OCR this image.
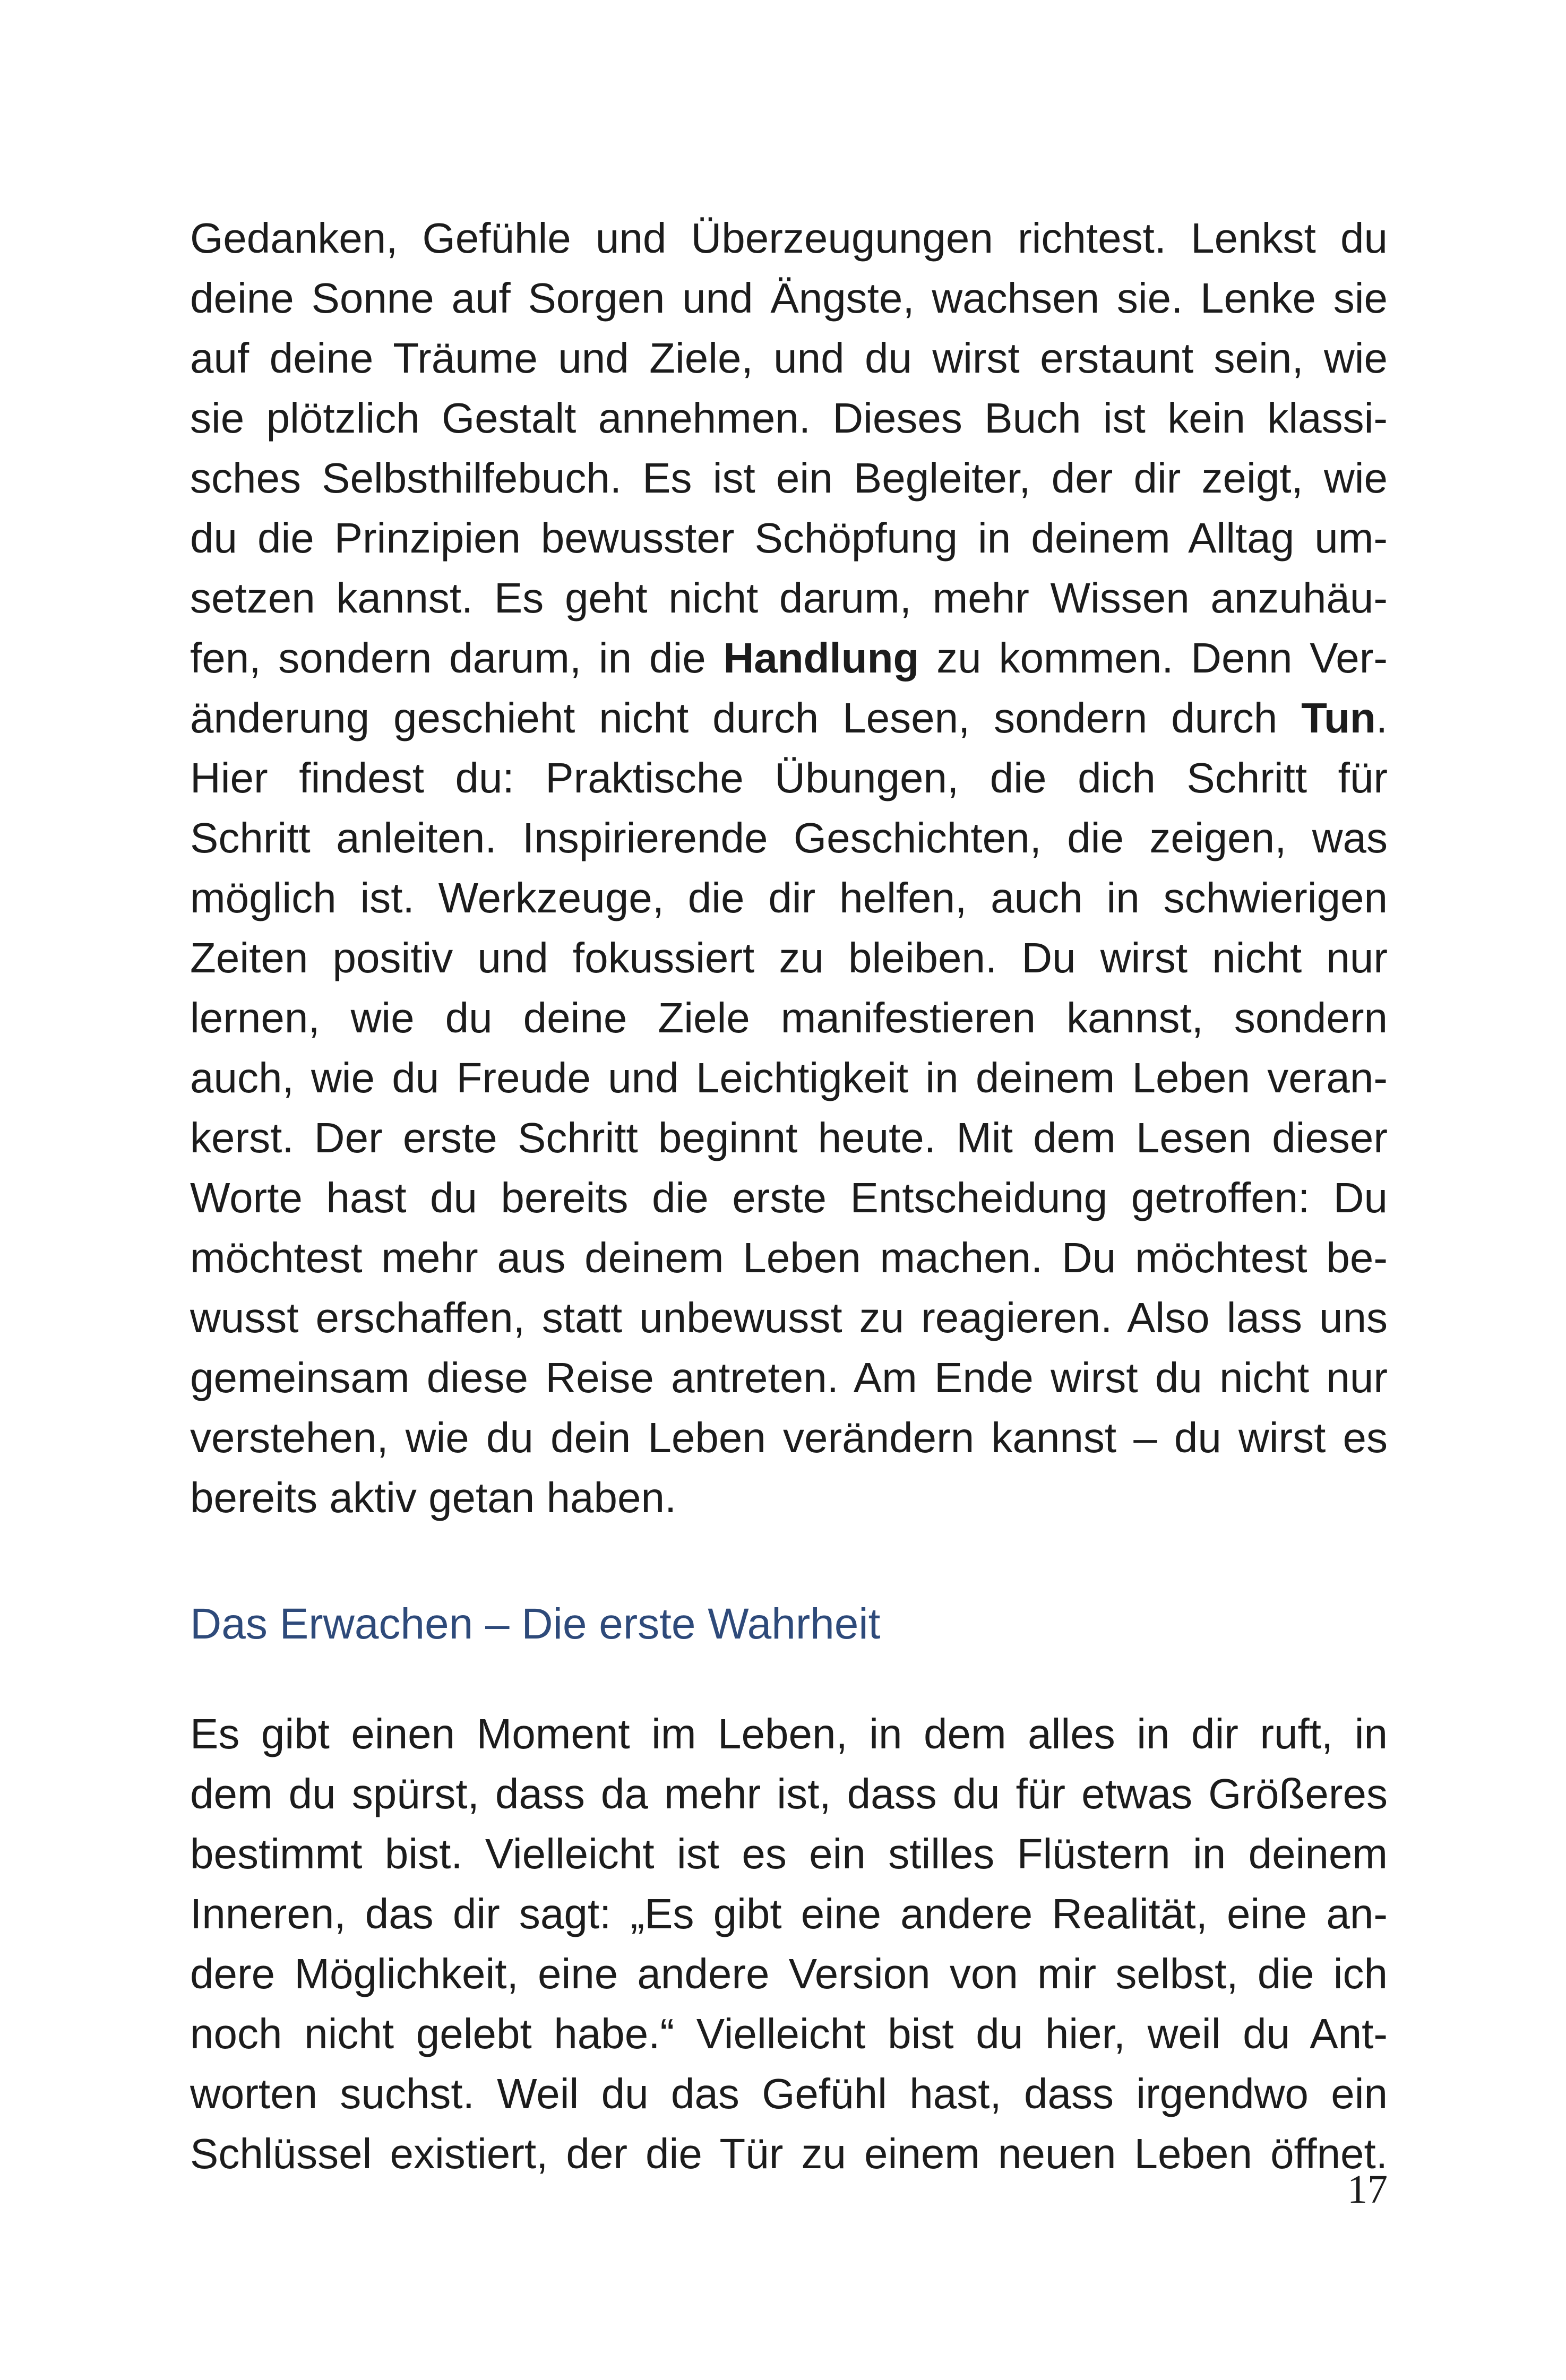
Gedanken, Gefühle und Überzeugungen richtest. Lenkst du
deine Sonne auf Sorgen und Ängste, wachsen sie. Lenke sie
auf deine Träume und Ziele, und du wirst erstaunt sein, wie
sie plötzlich Gestalt annehmen. Dieses Buch ist kein klassi-
sches Selbsthilfebuch. Es ist ein Begleiter, der dir zeigt, wie
du die Prinzipien bewusster Schöpfung in deinem Alltag um-
setzen kannst. Es geht nicht darum, mehr Wissen anzuhäu-
fen, sondern darum, in die Handlung zu kommen. Denn Ver-
änderung geschieht nicht durch Lesen, sondern durch Tun.
Hier findest du: Praktische Übungen, die dich Schritt für
Schritt anleiten. Inspirierende Geschichten, die zeigen, was
möglich ist. Werkzeuge, die dir helfen, auch in schwierigen
Zeiten positiv und fokussiert zu bleiben. Du wirst nicht nur
lernen, wie du deine Ziele manifestieren kannst, sondern
auch, wie du Freude und Leichtigkeit in deinem Leben veran-
kerst. Der erste Schritt beginnt heute. Mit dem Lesen dieser
Worte hast du bereits die erste Entscheidung getroffen: Du
möchtest mehr aus deinem Leben machen. Du möchtest be-
wusst erschaffen, statt unbewusst zu reagieren. Also lass uns
gemeinsam diese Reise antreten. Am Ende wirst du nicht nur
verstehen, wie du dein Leben verändern kannst – du wirst es
bereits aktiv getan haben.
Das Erwachen – Die erste Wahrheit
Es gibt einen Moment im Leben, in dem alles in dir ruft, in
dem du spürst, dass da mehr ist, dass du für etwas Größeres
bestimmt bist. Vielleicht ist es ein stilles Flüstern in deinem
Inneren, das dir sagt: „Es gibt eine andere Realität, eine an-
dere Möglichkeit, eine andere Version von mir selbst, die ich
noch nicht gelebt habe.“ Vielleicht bist du hier, weil du Ant-
worten suchst. Weil du das Gefühl hast, dass irgendwo ein
Schlüssel existiert, der die Tür zu einem neuen Leben öffnet.
17
